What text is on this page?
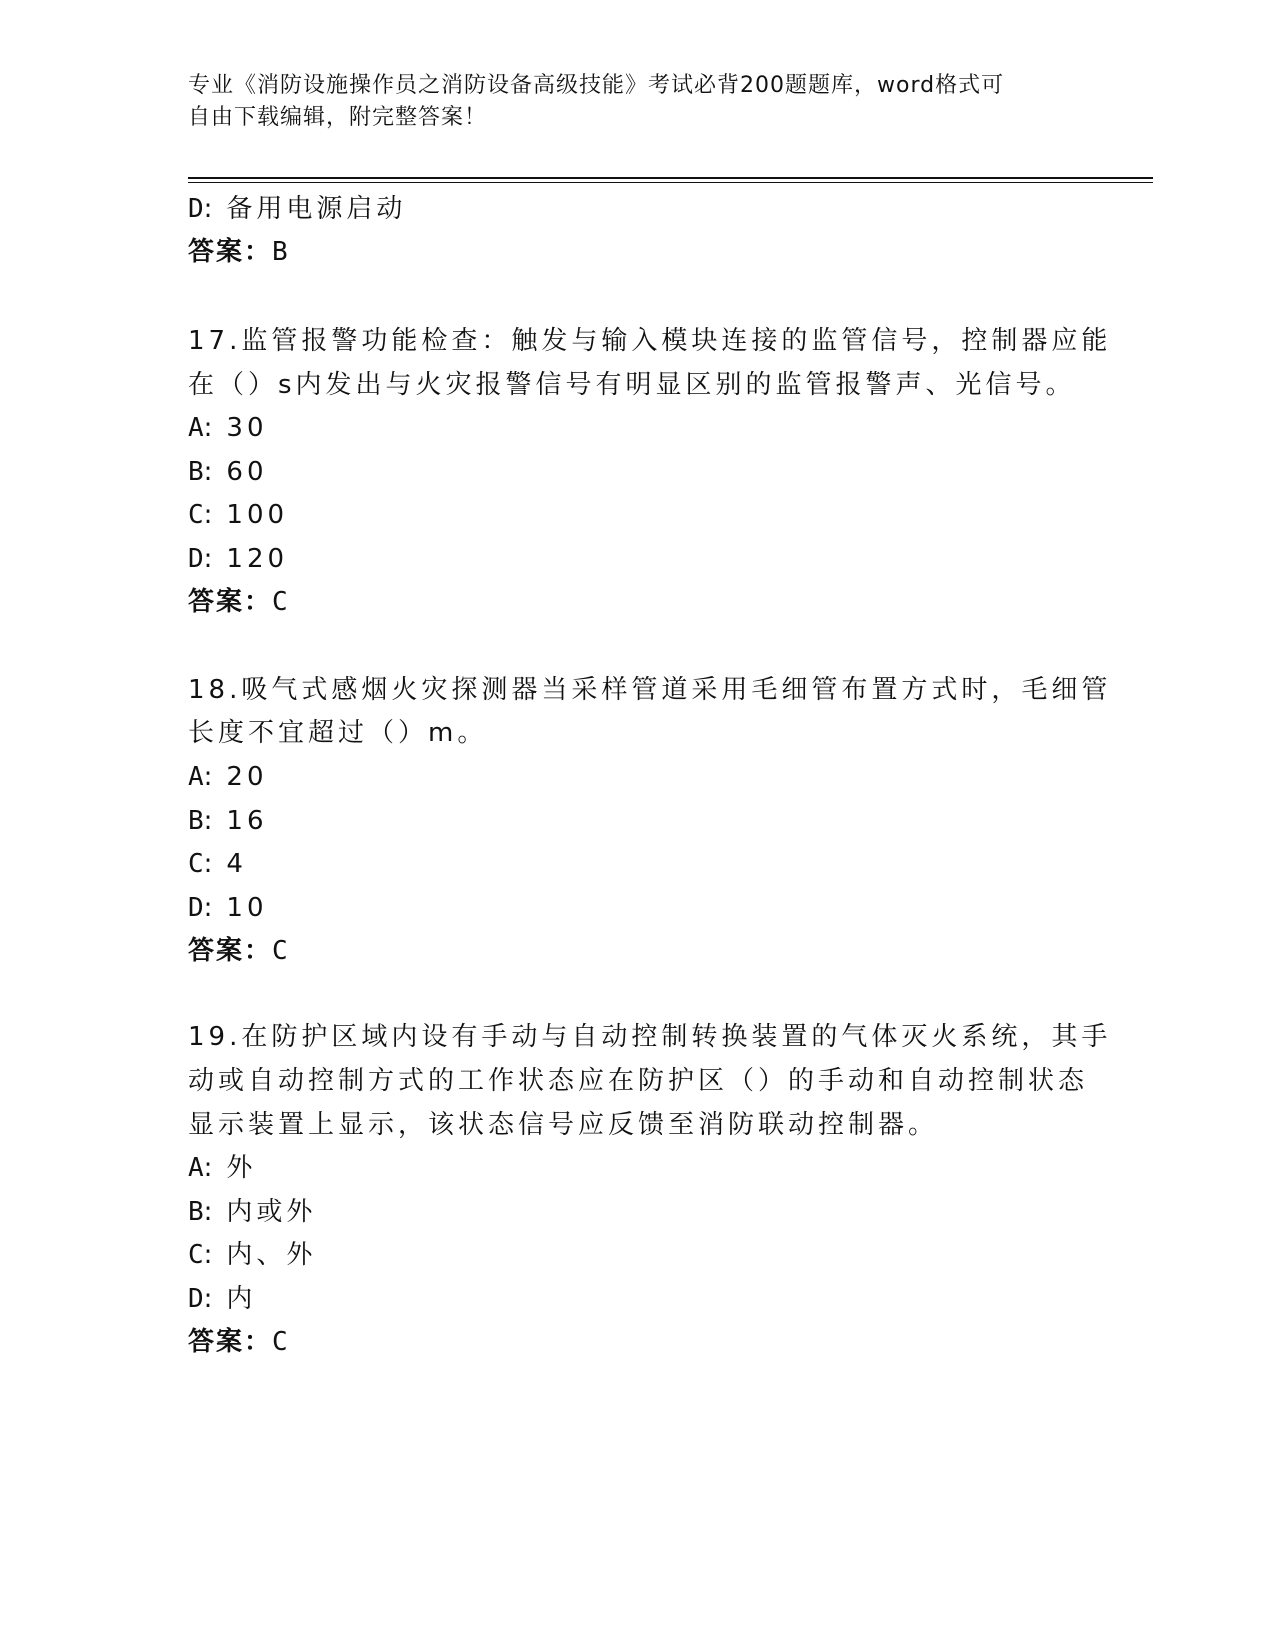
专业《消防设施操作员之消防设备高级技能》考试必背200题题库，word格式可
自由下载编辑，附完整答案！
D: 备用电源启动
答案：B
17.监管报警功能检查：触发与输入模块连接的监管信号，控制器应能
在（）s内发出与火灾报警信号有明显区别的监管报警声、光信号。
A: 30
B: 60
C: 100
D: 120
答案：C
18.吸气式感烟火灾探测器当采样管道采用毛细管布置方式时，毛细管
长度不宜超过（）m。
A: 20
B: 16
C: 4
D: 10
答案：C
19.在防护区域内设有手动与自动控制转换装置的气体灭火系统，其手
动或自动控制方式的工作状态应在防护区（）的手动和自动控制状态
显示装置上显示，该状态信号应反馈至消防联动控制器。
A: 外
B: 内或外
C: 内、外
D: 内
答案：C
